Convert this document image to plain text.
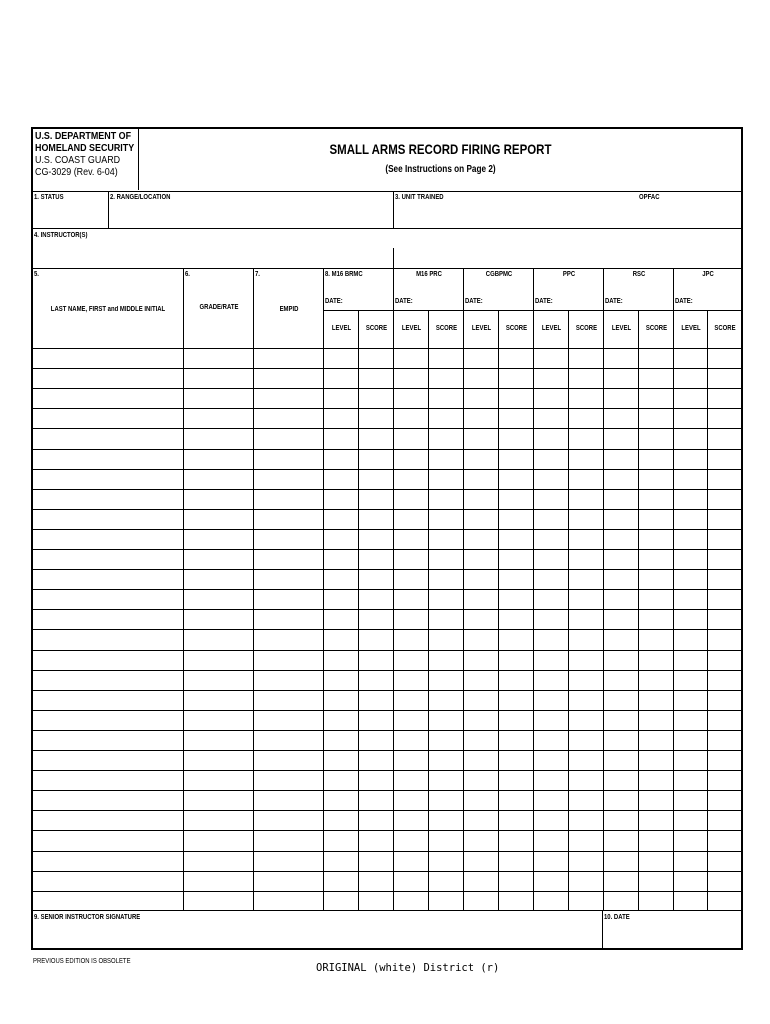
U.S. DEPARTMENT OF
HOMELAND SECURITY
U.S. COAST GUARD
CG-3029 (Rev. 6-04)
SMALL ARMS RECORD FIRING REPORT
(See Instructions on Page 2)
1. STATUS	2. RANGE/LOCATION	3. UNIT TRAINED	OPFAC
4. INSTRUCTOR(S)
5.	6.	7.
LAST NAME, FIRST and MIDDLE INITIAL	GRADE/RATE	EMPID
8. M16 BRMC	M16 PRC	CGBPMC	PPC	RSC	JPC
DATE:	DATE:	DATE:	DATE:	DATE:	DATE:
LEVEL	SCORE	LEVEL	SCORE	LEVEL	SCORE	LEVEL	SCORE	LEVEL	SCORE	LEVEL	SCORE
9. SENIOR INSTRUCTOR SIGNATURE	10. DATE
PREVIOUS EDITION IS OBSOLETE
ORIGINAL (white) District (r)
